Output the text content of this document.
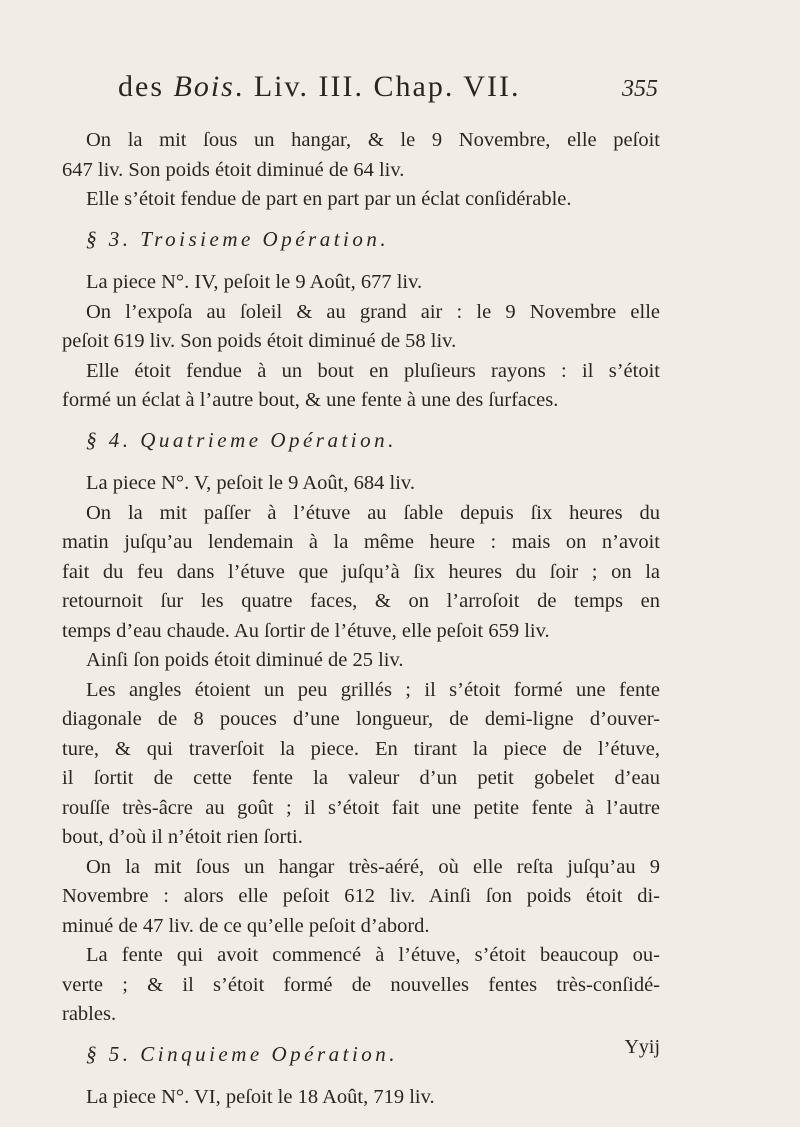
des Bois. Liv. III. Chap. VII.	355
On la mit ſous un hangar, & le 9 Novembre, elle peſoit
647 liv. Son poids étoit diminué de 64 liv.
Elle s’étoit fendue de part en part par un éclat conſidérable.
§ 3. Troisieme Opération.
La piece N°. IV, peſoit le 9 Août, 677 liv.
On l’expoſa au ſoleil & au grand air : le 9 Novembre elle
peſoit 619 liv. Son poids étoit diminué de 58 liv.
Elle étoit fendue à un bout en pluſieurs rayons : il s’étoit
formé un éclat à l’autre bout, & une fente à une des ſurfaces.
§ 4. Quatrieme Opération.
La piece N°. V, peſoit le 9 Août, 684 liv.
On la mit paſſer à l’étuve au ſable depuis ſix heures du
matin juſqu’au lendemain à la même heure : mais on n’avoit
fait du feu dans l’étuve que juſqu’à ſix heures du ſoir ; on la
retournoit ſur les quatre faces, & on l’arroſoit de temps en
temps d’eau chaude. Au ſortir de l’étuve, elle peſoit 659 liv.
Ainſi ſon poids étoit diminué de 25 liv.
Les angles étoient un peu grillés ; il s’étoit formé une fente
diagonale de 8 pouces d’une longueur, de demi-ligne d’ouver-
ture, & qui traverſoit la piece. En tirant la piece de l’étuve,
il ſortit de cette fente la valeur d’un petit gobelet d’eau
rouſſe très-âcre au goût ; il s’étoit fait une petite fente à l’autre
bout, d’où il n’étoit rien ſorti.
On la mit ſous un hangar très-aéré, où elle reſta juſqu’au 9
Novembre : alors elle peſoit 612 liv. Ainſi ſon poids étoit di-
minué de 47 liv. de ce qu’elle peſoit d’abord.
La fente qui avoit commencé à l’étuve, s’étoit beaucoup ou-
verte ; & il s’étoit formé de nouvelles fentes très-conſidé-
rables.
§ 5. Cinquieme Opération.
La piece N°. VI, peſoit le 18 Août, 719 liv.
Yyij
